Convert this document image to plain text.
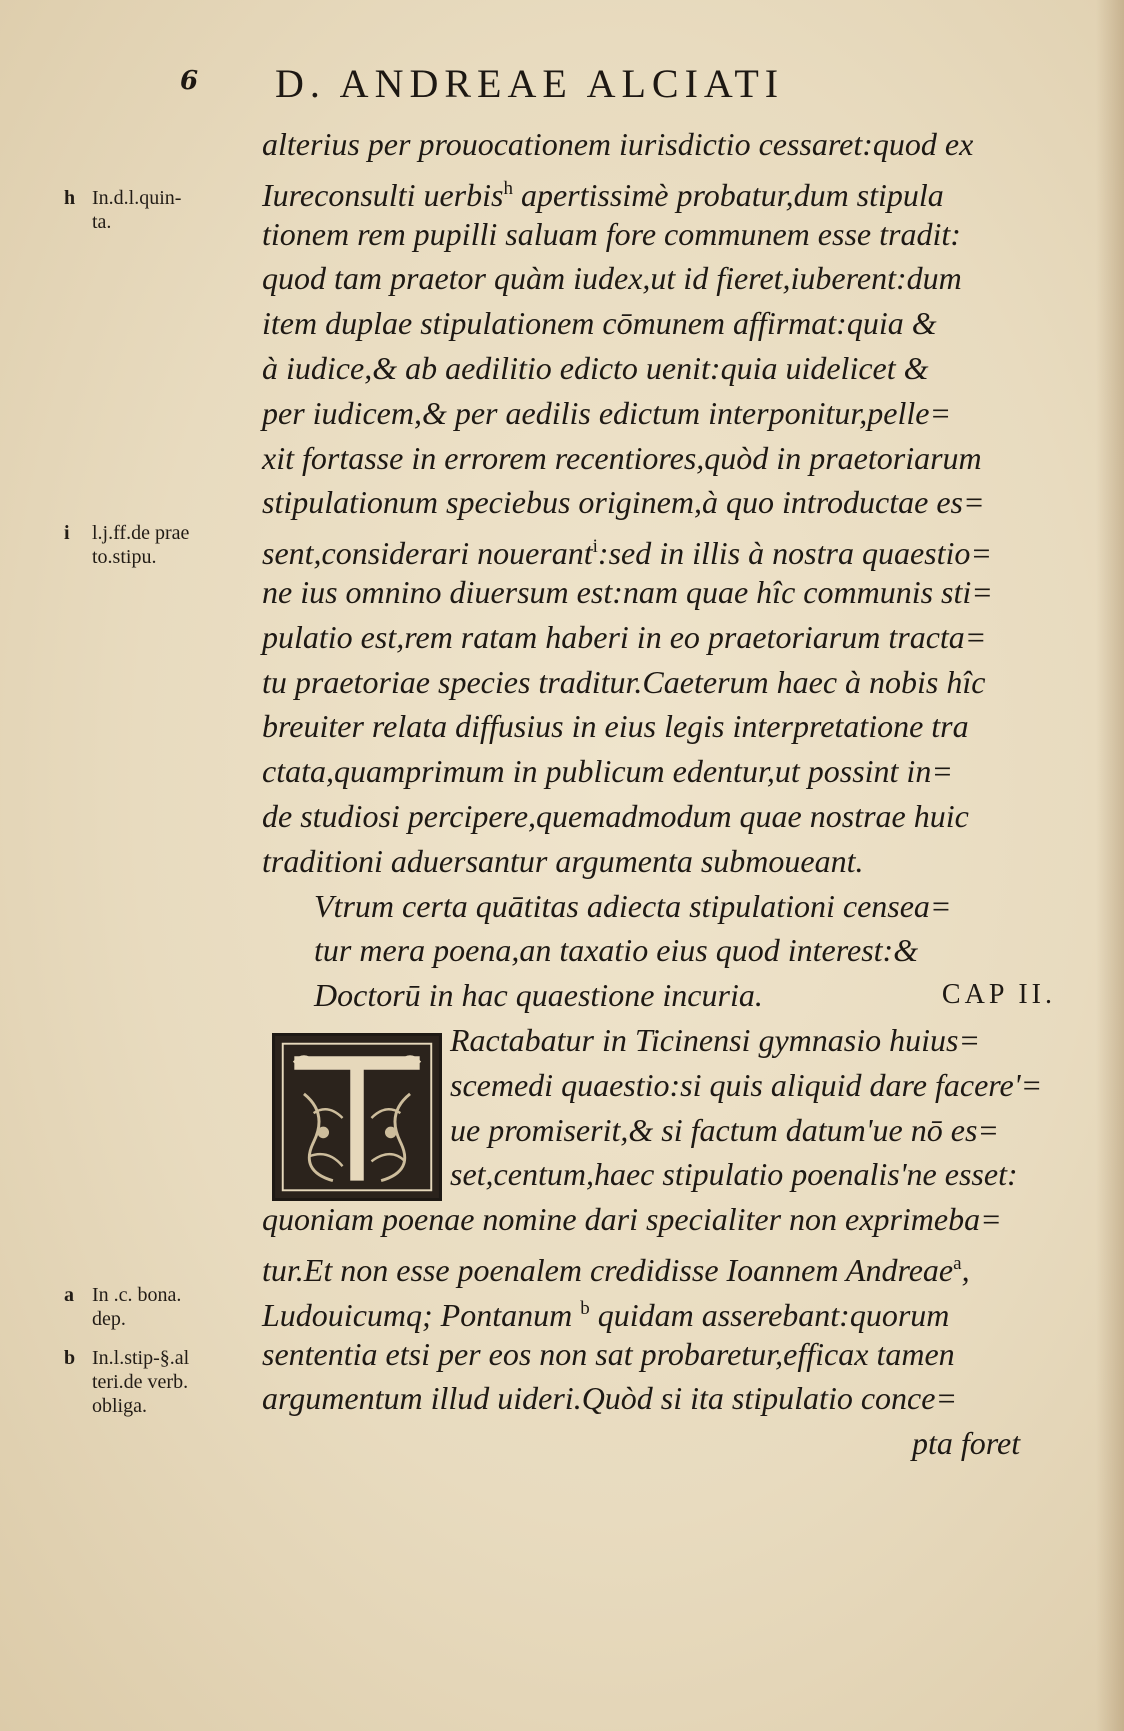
6 D. ANDREAE ALCIATI
alterius per prouocationem iurisdictio cessaret:quod ex
Iureconsulti uerbis$^h$ apertissimè probatur,dum stipula
tionem rem pupilli saluam fore communem esse tradit:
quod tam praetor quàm iudex,ut id fieret,iuberent:dum
item duplae stipulationem cōmunem affirmat:quia &
à iudice,& ab aedilitio edicto uenit:quia uidelicet &
per iudicem,& per aedilis edictum interponitur,pelle=
xit fortasse in errorem recentiores,quòd in praetoriarum
stipulationum speciebus originem,à quo introductae es=
sent,considerari nouerant$^i$:sed in illis à nostra quaestio=
ne ius omnino diuersum est:nam quae hîc communis sti=
pulatio est,rem ratam haberi in eo praetoriarum tracta=
tu praetoriae species traditur.Caeterum haec à nobis hîc
breuiter relata diffusius in eius legis interpretatione tra
ctata,quamprimum in publicum edentur,ut possint in=
de studiosi percipere,quemadmodum quae nostrae huic
traditioni aduersantur argumenta submoueant.
Vtrum certa quātitas adiecta stipulationi censea=
tur mera poena,an taxatio eius quod interest:&
Doctorū in hac quaestione incuria.	CAP II.
Ractabatur in Ticinensi gymnasio huius=
scemedi quaestio:si quis aliquid dare facere'=
ue promiserit,& si factum datum'ue nō es=
set,centum,haec stipulatio poenalis'ne esset:
quoniam poenae nomine dari specialiter non exprimeba=
tur.Et non esse poenalem credidisse Ioannem Andreae$^a$,
Ludouicumq; Pontanum $^b$ quidam asserebant:quorum
sententia etsi per eos non sat probaretur,efficax tamen
argumentum illud uideri.Quòd si ita stipulatio conce=
pta foret
h In.d.l.quin-
ta.
i l.j.ff.de prae
to.stipu.
a In .c. bona.
dep.
b In.l.stip-§.al
teri.de verb.
obliga.
